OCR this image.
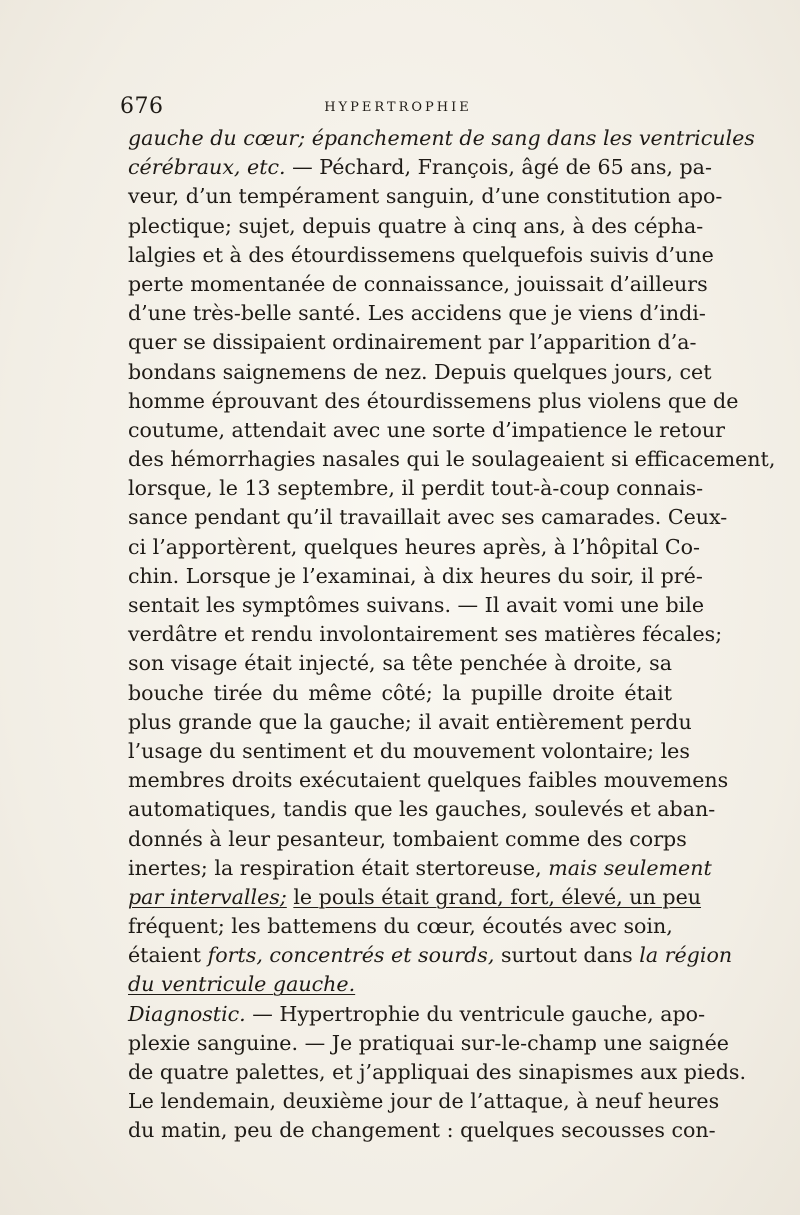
676	HYPERTROPHIE
gauche du cœur; épanchement de sang dans les ventricules
cérébraux, etc. — Péchard, François, âgé de 65 ans, pa-
veur, d’un tempérament sanguin, d’une constitution apo-
plectique; sujet, depuis quatre à cinq ans, à des cépha-
lalgies et à des étourdissemens quelquefois suivis d’une
perte momentanée de connaissance, jouissait d’ailleurs
d’une très-belle santé. Les accidens que je viens d’indi-
quer se dissipaient ordinairement par l’apparition d’a-
bondans saignemens de nez. Depuis quelques jours, cet
homme éprouvant des étourdissemens plus violens que de
coutume, attendait avec une sorte d’impatience le retour
des hémorrhagies nasales qui le soulageaient si efficacement,
lorsque, le 13 septembre, il perdit tout-à-coup connais-
sance pendant qu’il travaillait avec ses camarades. Ceux-
ci l’apportèrent, quelques heures après, à l’hôpital Co-
chin. Lorsque je l’examinai, à dix heures du soir, il pré-
sentait les symptômes suivans. — Il avait vomi une bile
verdâtre et rendu involontairement ses matières fécales;
son visage était injecté, sa tête penchée à droite, sa
bouche tirée du même côté; la pupille droite était
plus grande que la gauche; il avait entièrement perdu
l’usage du sentiment et du mouvement volontaire; les
membres droits exécutaient quelques faibles mouvemens
automatiques, tandis que les gauches, soulevés et aban-
donnés à leur pesanteur, tombaient comme des corps
inertes; la respiration était stertoreuse, mais seulement
par intervalles; le pouls était grand, fort, élevé, un peu
fréquent; les battemens du cœur, écoutés avec soin,
étaient forts, concentrés et sourds, surtout dans la région
du ventricule gauche.
Diagnostic. — Hypertrophie du ventricule gauche, apo-
plexie sanguine. — Je pratiquai sur-le-champ une saignée
de quatre palettes, et j’appliquai des sinapismes aux pieds.
Le lendemain, deuxième jour de l’attaque, à neuf heures
du matin, peu de changement : quelques secousses con-
